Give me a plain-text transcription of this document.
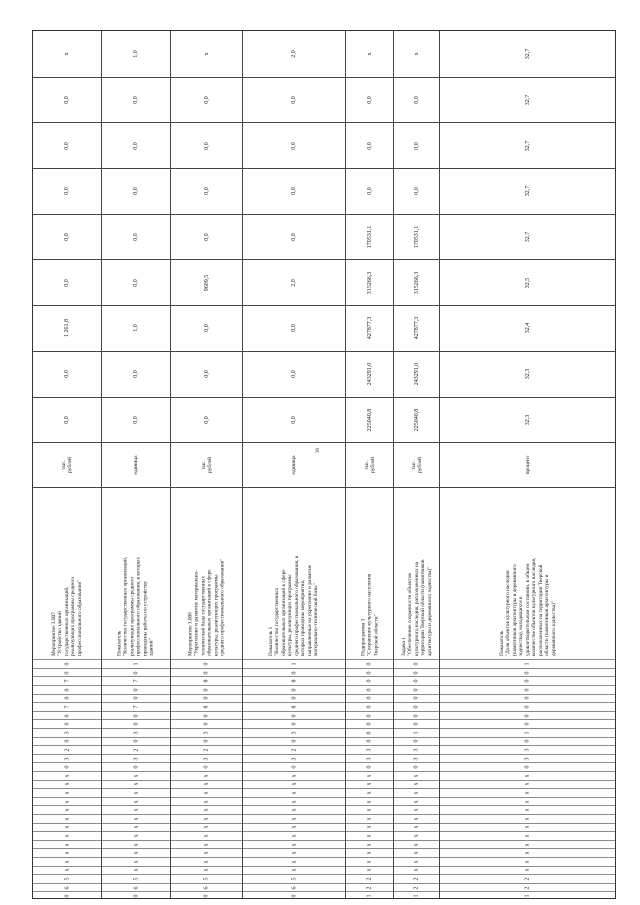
39
x
0,0
0,0
0,0
0,0
0,0
1 261,8
0,0
0,0
тыс.
рублей
Мероприятие 3.007
"Устройство зданий
государственных организаций,
реализующих программы среднего
профессионального образования"
0
0
7
0
0
7
0
0
3
0
2
3
0
x
x
x
x
x
x
x
x
x
x
x
x
5
6
0
1,0
0,0
0,0
0,0
0,0
0,0
1,0
0,0
0,0
единица
Показатель
"Количество государственных организаций,
реализующих программы среднего
профессионального образования, в которых
проведены работы по устройству
зданий"
1
0
7
0
0
7
0
0
3
0
2
3
0
x
x
x
x
x
x
x
x
x
x
x
x
5
6
0
x
0,0
0,0
0,0
0,0
9609,5
0,0
0,0
0,0
тыс.
рублей
Мероприятие 3.008
"Укрепление и развитие материально-
технической базы государственных
образовательных организаций в сфере
культуры, реализующих программы
среднего профессионального образования"
0
0
8
0
0
8
0
0
3
0
2
3
0
x
x
x
x
x
x
x
x
x
x
x
x
5
6
0
2,0
0,0
0,0
0,0
0,0
2,0
0,0
0,0
0,0
единица
Показатель 1
"Количество государственных
образовательных организаций в сфере
культуры, реализующих программы
среднего профессионального образования, в
которых проведены мероприятия,
направленные на укрепление и развитие
материально-технической базы"
1
0
8
0
0
8
0
0
3
0
2
3
0
x
x
x
x
x
x
x
x
x
x
x
x
5
6
0
x
0,0
0,0
0,0
170531,1
315266,3
427877,3
243291,0
225040,8
тыс.
рублей
Подпрограмма 3
"Сохранение культурного населения
Тверской области"
0
0
0
0
0
0
0
0
0
0
3
3
0
x
x
x
x
x
x
x
x
x
x
x
x
2
2
1
x
0,0
0,0
0,0
170531,1
315266,3
427877,3
243291,0
225040,8
тыс.
рублей
Задача 1
"Обеспечение сохранности объектов
культурного наследия, расположенных на
территории Тверской области (памятников
архитектуры и деревянного зодчества)"
0
0
0
0
0
0
0
0
1
0
3
3
0
x
x
x
x
x
x
x
x
x
x
x
x
2
2
1
32,7
32,7
32,7
32,7
32,7
32,5
32,4
32,3
32,3
процент
Показатель
"Доля объектов культурного наследия
(памятников архитектуры и деревянного
зодчества), находящихся в
удовлетворительном состоянии, в общем
количестве объектов культурного наследия,
расположенных на территории Тверской
области (памятников архитектуры и
деревянного зодчества)"
1
0
0
0
0
0
0
0
1
0
3
3
0
x
x
x
x
x
x
x
x
x
x
x
x
2
2
1
